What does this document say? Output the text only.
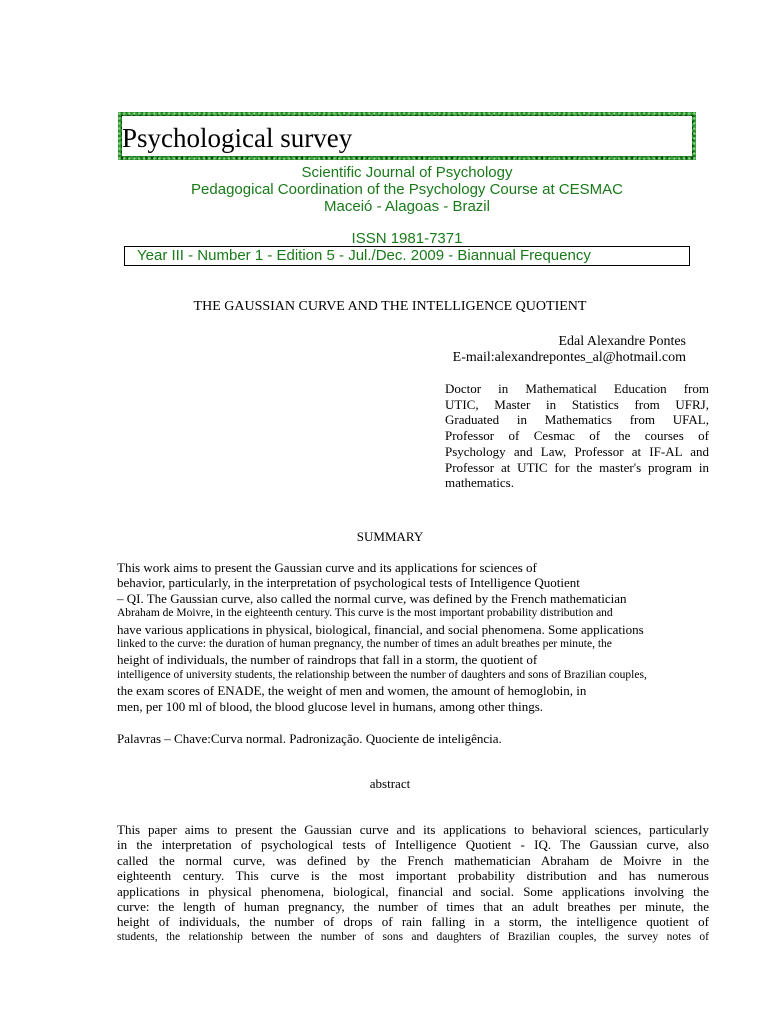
Psychological survey
Scientific Journal of Psychology
Pedagogical Coordination of the Psychology Course at CESMAC
Maceió - Alagoas - Brazil
ISSN 1981-7371
Year III - Number 1 - Edition 5 - Jul./Dec. 2009 - Biannual Frequency
THE GAUSSIAN CURVE AND THE INTELLIGENCE QUOTIENT
Edal Alexandre Pontes
E-mail:alexandrepontes_al@hotmail.com
Doctor in Mathematical Education from
UTIC, Master in Statistics from UFRJ,
Graduated in Mathematics from UFAL,
Professor of Cesmac of the courses of
Psychology and Law, Professor at IF-AL and
Professor at UTIC for the master's program in
mathematics.
SUMMARY
This work aims to present the Gaussian curve and its applications for sciences of
behavior, particularly, in the interpretation of psychological tests of Intelligence Quotient
– QI. The Gaussian curve, also called the normal curve, was defined by the French mathematician
Abraham de Moivre, in the eighteenth century. This curve is the most important probability distribution and
have various applications in physical, biological, financial, and social phenomena. Some applications
linked to the curve: the duration of human pregnancy, the number of times an adult breathes per minute, the
height of individuals, the number of raindrops that fall in a storm, the quotient of
intelligence of university students, the relationship between the number of daughters and sons of Brazilian couples,
the exam scores of ENADE, the weight of men and women, the amount of hemoglobin, in
men, per 100 ml of blood, the blood glucose level in humans, among other things.
Palavras – Chave:Curva normal. Padronização. Quociente de inteligência.
abstract
This paper aims to present the Gaussian curve and its applications to behavioral sciences, particularly
in the interpretation of psychological tests of Intelligence Quotient - IQ. The Gaussian curve, also
called the normal curve, was defined by the French mathematician Abraham de Moivre in the
eighteenth century. This curve is the most important probability distribution and has numerous
applications in physical phenomena, biological, financial and social. Some applications involving the
curve: the length of human pregnancy, the number of times that an adult breathes per minute, the
height of individuals, the number of drops of rain falling in a storm, the intelligence quotient of
students, the relationship between the number of sons and daughters of Brazilian couples, the survey notes of
